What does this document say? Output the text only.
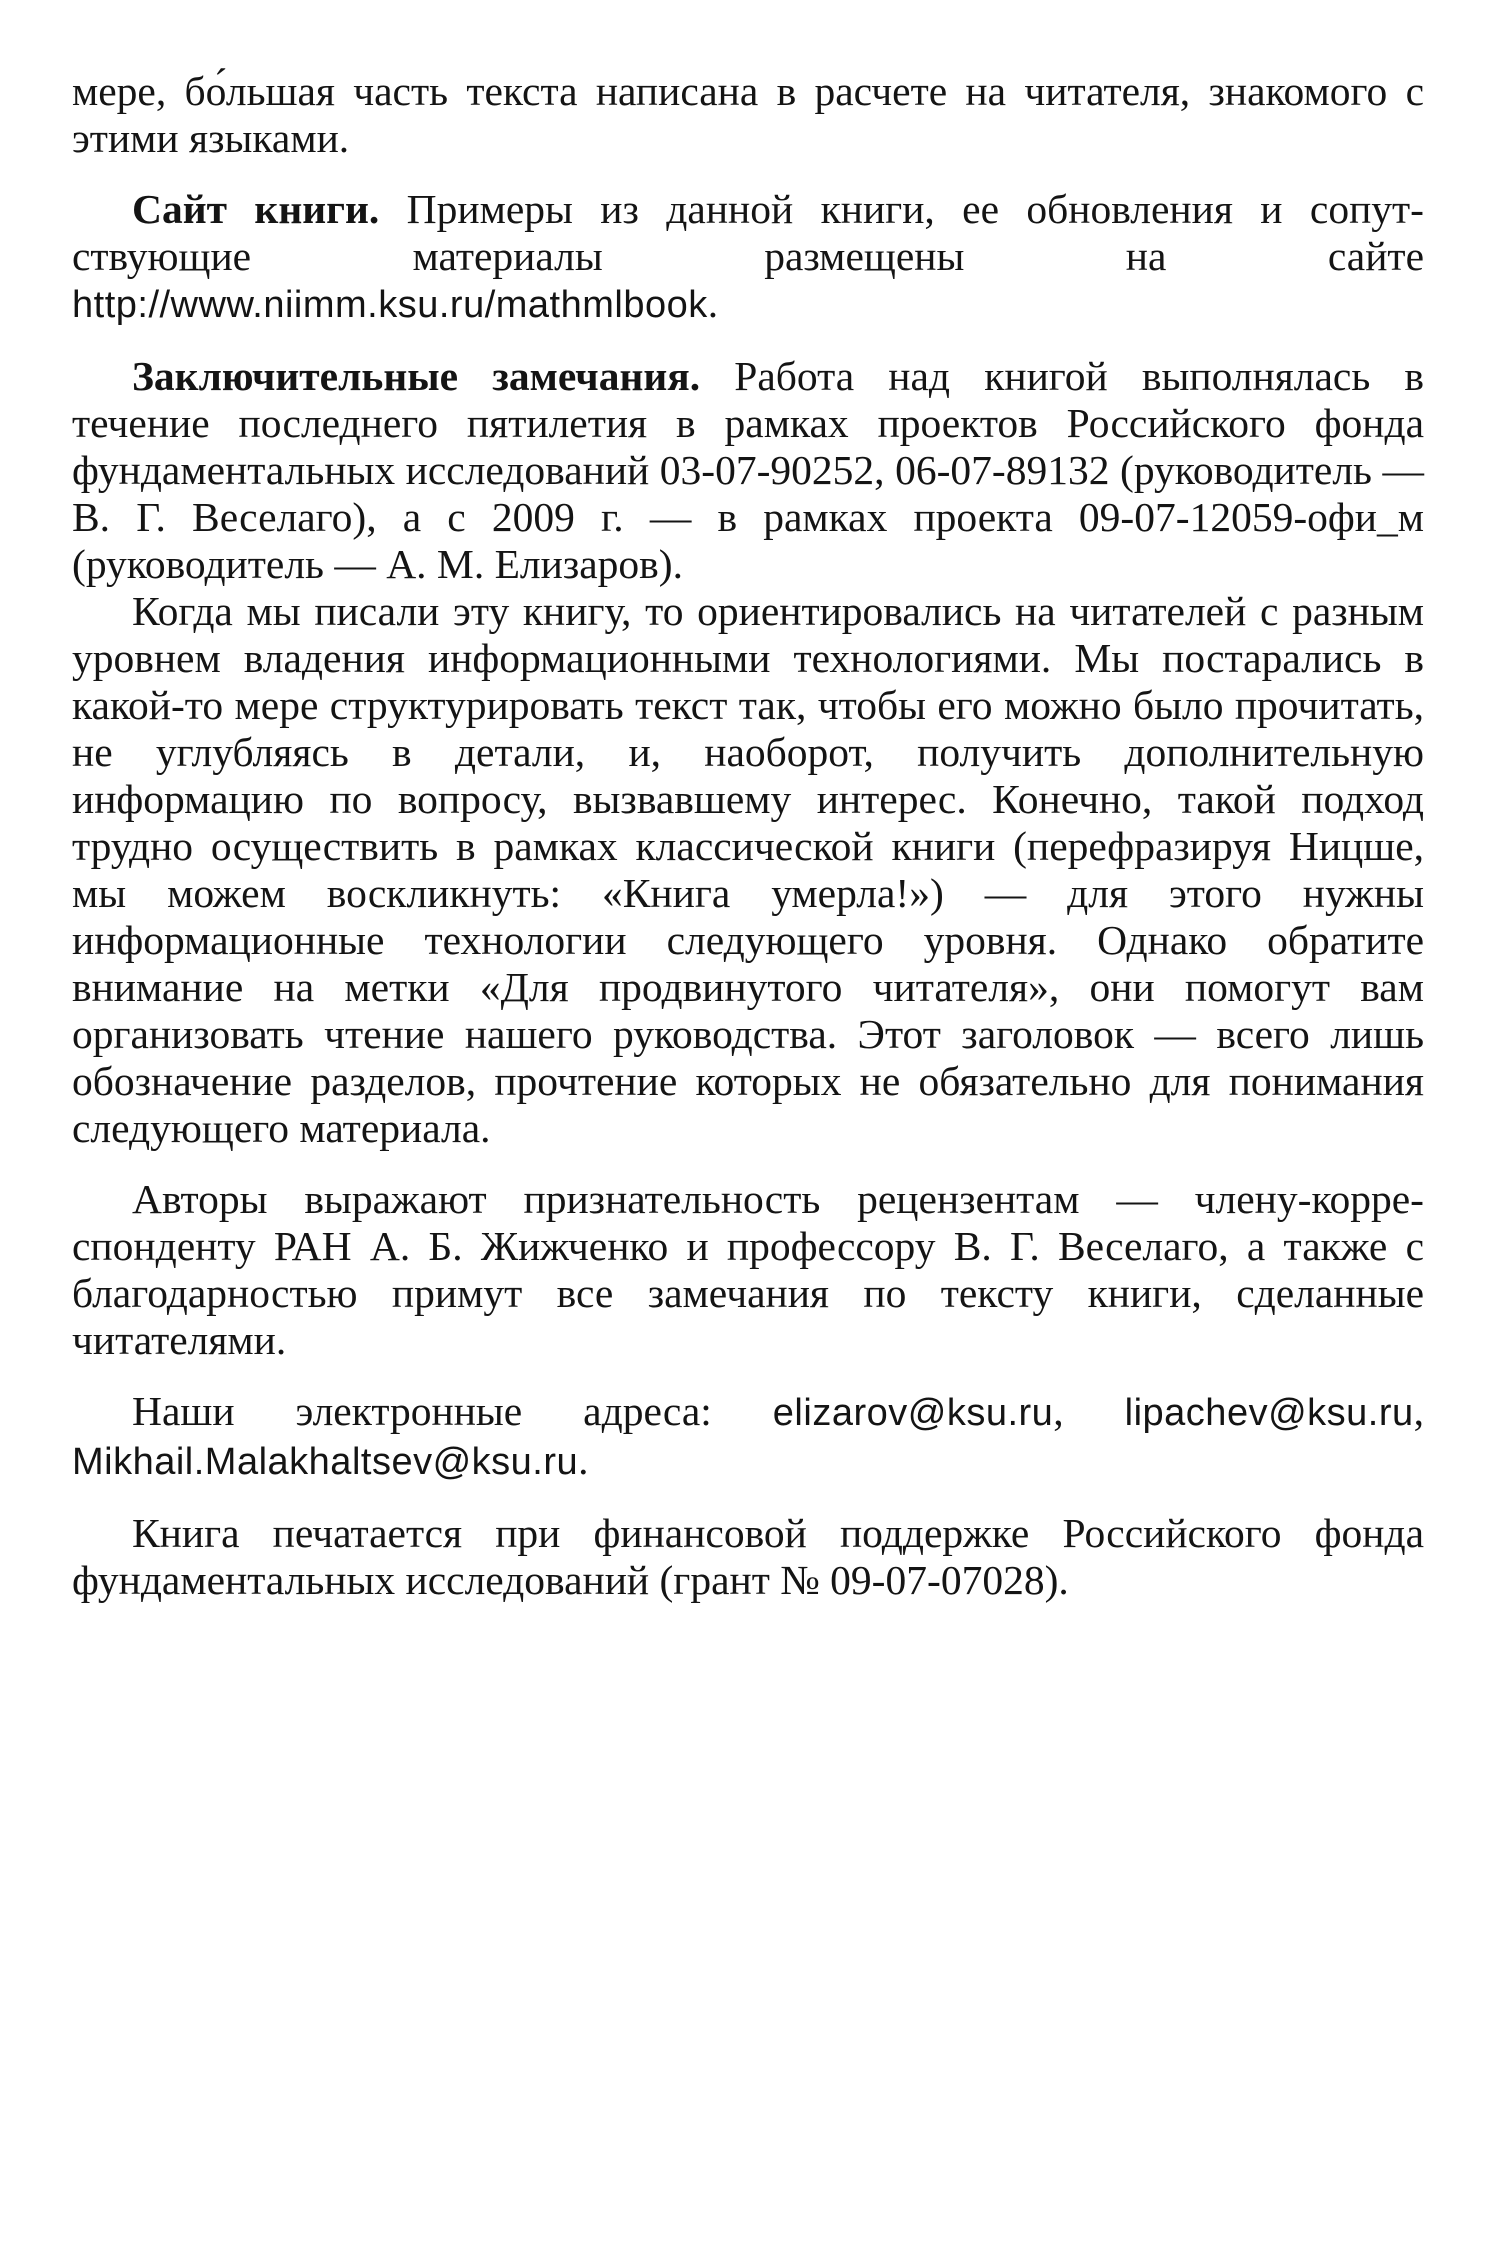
мере, бо́льшая часть текста написана в расчете на читателя, знакомого с этими языками.

Сайт книги. Примеры из данной книги, ее обновления и сопутствующие материалы размещены на сайте http://www.niimm.ksu.ru/mathmlbook.

Заключительные замечания. Работа над книгой выполнялась в течение последнего пятилетия в рамках проектов Российского фонда фундаментальных исследований 03-07-90252, 06-07-89132 (руководитель — В. Г. Веселаго), а с 2009 г. — в рамках проекта 09-07-12059-офи_м (руководитель — А. М. Елизаров).

Когда мы писали эту книгу, то ориентировались на читателей с разным уровнем владения информационными технологиями. Мы постарались в какой-то мере структурировать текст так, чтобы его можно было прочитать, не углубляясь в детали, и, наоборот, получить дополнительную информацию по вопросу, вызвавшему интерес. Конечно, такой подход трудно осуществить в рамках классической книги (перефразируя Ницше, мы можем воскликнуть: «Книга умерла!») — для этого нужны информационные технологии следующего уровня. Однако обратите внимание на метки «Для продвинутого читателя», они помогут вам организовать чтение нашего руководства. Этот заголовок — всего лишь обозначение разделов, прочтение которых не обязательно для понимания следующего материала.

Авторы выражают признательность рецензентам — члену-корреспонденту РАН А. Б. Жижченко и профессору В. Г. Веселаго, а также с благодарностью примут все замечания по тексту книги, сделанные читателями.

Наши электронные адреса: elizarov@ksu.ru, lipachev@ksu.ru, Mikhail.Malakhaltsev@ksu.ru.

Книга печатается при финансовой поддержке Российского фонда фундаментальных исследований (грант № 09-07-07028).
